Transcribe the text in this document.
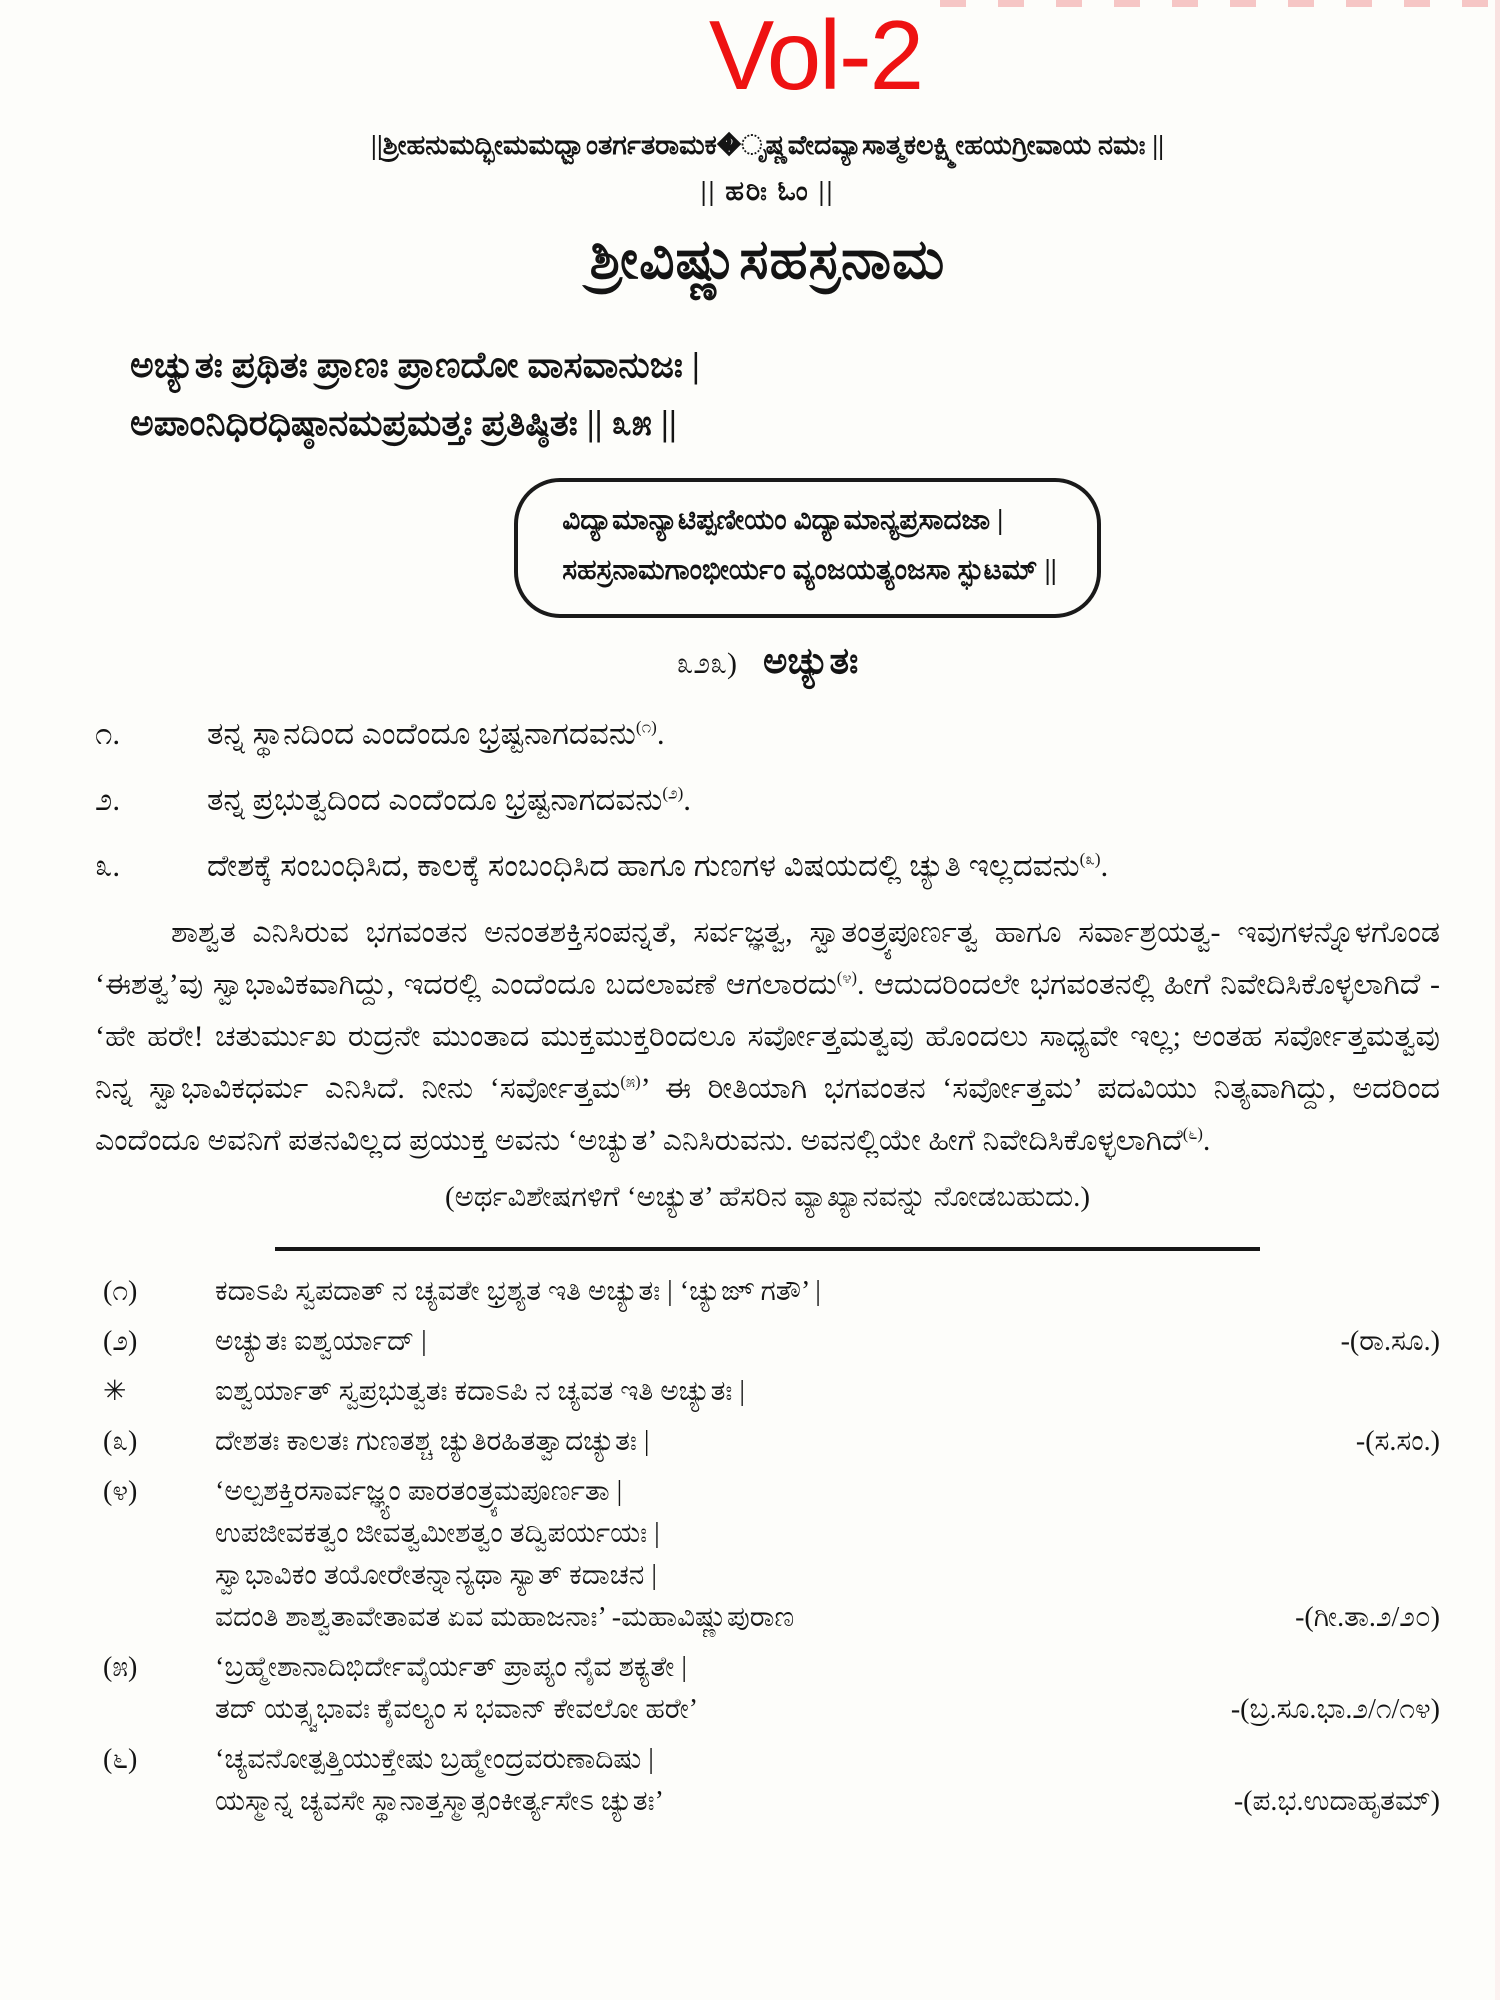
Vol-2
||ಶ್ರೀಹನುಮದ್ಭೀಮಮಧ್ವಾಂತರ್ಗತರಾಮಕ�ೃಷ್ಣವೇದವ್ಯಾಸಾತ್ಮಕಲಕ್ಷ್ಮೀಹಯಗ್ರೀವಾಯ ನಮಃ ||
|| ಹರಿಃ ಓಂ ||
ಶ್ರೀವಿಷ್ಣುಸಹಸ್ರನಾಮ
ಅಚ್ಯುತಃ ಪ್ರಥಿತಃ ಪ್ರಾಣಃ ಪ್ರಾಣದೋ ವಾಸವಾನುಜಃ |
ಅಪಾಂನಿಧಿರಧಿಷ್ಠಾನಮಪ್ರಮತ್ತಃ ಪ್ರತಿಷ್ಠಿತಃ || ೩೫ ||
ವಿದ್ಯಾಮಾನ್ಯಾಟಿಪ್ಪಣೀಯಂ ವಿದ್ಯಾಮಾನ್ಯಪ್ರಸಾದಜಾ |
ಸಹಸ್ರನಾಮಗಾಂಭೀರ್ಯಂ ವ್ಯಂಜಯತ್ಯಂಜಸಾ ಸ್ಫುಟಮ್ ||
೩೨೩) ಅಚ್ಯುತಃ
೧.	ತನ್ನ ಸ್ಥಾನದಿಂದ ಎಂದೆಂದೂ ಭ್ರಷ್ಟನಾಗದವನು$^{(೧)}$.
೨.	ತನ್ನ ಪ್ರಭುತ್ವದಿಂದ ಎಂದೆಂದೂ ಭ್ರಷ್ಟನಾಗದವನು$^{(೨)}$.
೩.	ದೇಶಕ್ಕೆ ಸಂಬಂಧಿಸಿದ, ಕಾಲಕ್ಕೆ ಸಂಬಂಧಿಸಿದ ಹಾಗೂ ಗುಣಗಳ ವಿಷಯದಲ್ಲಿ ಚ್ಯುತಿ ಇಲ್ಲದವನು$^{(೩)}$.

ಶಾಶ್ವತ ಎನಿಸಿರುವ ಭಗವಂತನ ಅನಂತಶಕ್ತಿಸಂಪನ್ನತೆ, ಸರ್ವಜ್ಞತ್ವ, ಸ್ವಾತಂತ್ರ್ಯಪೂರ್ಣತ್ವ ಹಾಗೂ ಸರ್ವಾಶ್ರಯತ್ವ- ಇವುಗಳನ್ನೊಳಗೊಂಡ ‘ಈಶತ್ವ’ವು ಸ್ವಾಭಾವಿಕವಾಗಿದ್ದು, ಇದರಲ್ಲಿ ಎಂದೆಂದೂ ಬದಲಾವಣೆ ಆಗಲಾರದು$^{(೪)}$. ಆದುದರಿಂದಲೇ ಭಗವಂತನಲ್ಲಿ ಹೀಗೆ ನಿವೇದಿಸಿಕೊಳ್ಳಲಾಗಿದೆ - ‘ಹೇ ಹರೇ! ಚತುರ್ಮುಖ ರುದ್ರನೇ ಮುಂತಾದ ಮುಕ್ತಮುಕ್ತರಿಂದಲೂ ಸರ್ವೋತ್ತಮತ್ವವು ಹೊಂದಲು ಸಾಧ್ಯವೇ ಇಲ್ಲ; ಅಂತಹ ಸರ್ವೋತ್ತಮತ್ವವು ನಿನ್ನ ಸ್ವಾಭಾವಿಕಧರ್ಮ ಎನಿಸಿದೆ. ನೀನು ‘ಸರ್ವೋತ್ತಮ$^{(೫)}$’ ಈ ರೀತಿಯಾಗಿ ಭಗವಂತನ ‘ಸರ್ವೋತ್ತಮ’ ಪದವಿಯು ನಿತ್ಯವಾಗಿದ್ದು, ಅದರಿಂದ ಎಂದೆಂದೂ ಅವನಿಗೆ ಪತನವಿಲ್ಲದ ಪ್ರಯುಕ್ತ ಅವನು ‘ಅಚ್ಯುತ’ ಎನಿಸಿರುವನು. ಅವನಲ್ಲಿಯೇ ಹೀಗೆ ನಿವೇದಿಸಿಕೊಳ್ಳಲಾಗಿದೆ$^{(೬)}$.

(ಅರ್ಥವಿಶೇಷಗಳಿಗೆ ‘ಅಚ್ಯುತ’ ಹೆಸರಿನ ವ್ಯಾಖ್ಯಾನವನ್ನು ನೋಡಬಹುದು.)
(೧)	ಕದಾಽಪಿ ಸ್ವಪದಾತ್ ನ ಚ್ಯವತೇ ಭ್ರಶ್ಯತ ಇತಿ ಅಚ್ಯುತಃ | ‘ಚ್ಯುಙ್ ಗತೌ’ |
(೨)	ಅಚ್ಯುತಃ ಐಶ್ವರ್ಯಾದ್ |	-(ರಾ.ಸೂ.)
✳	ಐಶ್ವರ್ಯಾತ್ ಸ್ವಪ್ರಭುತ್ವತಃ ಕದಾಽಪಿ ನ ಚ್ಯವತ ಇತಿ ಅಚ್ಯುತಃ |
(೩)	ದೇಶತಃ ಕಾಲತಃ ಗುಣತಶ್ಚ ಚ್ಯುತಿರಹಿತತ್ವಾದಚ್ಯುತಃ |	-(ಸ.ಸಂ.)
(೪)	‘ಅಲ್ಪಶಕ್ತಿರಸಾರ್ವಜ್ಞ್ಯಂ ಪಾರತಂತ್ರ್ಯಮಪೂರ್ಣತಾ |
ಉಪಜೀವಕತ್ವಂ ಜೀವತ್ವಮೀಶತ್ವಂ ತದ್ವಿಪರ್ಯಯಃ |
ಸ್ವಾಭಾವಿಕಂ ತಯೋರೇತನ್ನಾನ್ಯಥಾ ಸ್ಯಾತ್ ಕದಾಚನ |
ವದಂತಿ ಶಾಶ್ವತಾವೇತಾವತ ಏವ ಮಹಾಜನಾಃ’ -ಮಹಾವಿಷ್ಣುಪುರಾಣ	-(ಗೀ.ತಾ.೨/೨೦)
(೫)	‘ಬ್ರಹ್ಮೇಶಾನಾದಿಭಿರ್ದೇವೈರ್ಯತ್ ಪ್ರಾಪ್ಯಂ ನೈವ ಶಕ್ಯತೇ |
ತದ್ ಯತ್ಸ್ವಭಾವಃ ಕೈವಲ್ಯಂ ಸ ಭವಾನ್ ಕೇವಲೋ ಹರೇ’	-(ಬ್ರ.ಸೂ.ಭಾ.೨/೧/೧೪)
(೬)	‘ಚ್ಯವನೋತ್ಪತ್ತಿಯುಕ್ತೇಷು ಬ್ರಹ್ಮೇಂದ್ರವರುಣಾದಿಷು |
ಯಸ್ಮಾನ್ನ ಚ್ಯವಸೇ ಸ್ಥಾನಾತ್ತಸ್ಮಾತ್ಸಂಕೀರ್ತ್ಯಸೇಽ ಚ್ಯುತಃ’	-(ಪ.ಭ.ಉದಾಹೃತಮ್)
